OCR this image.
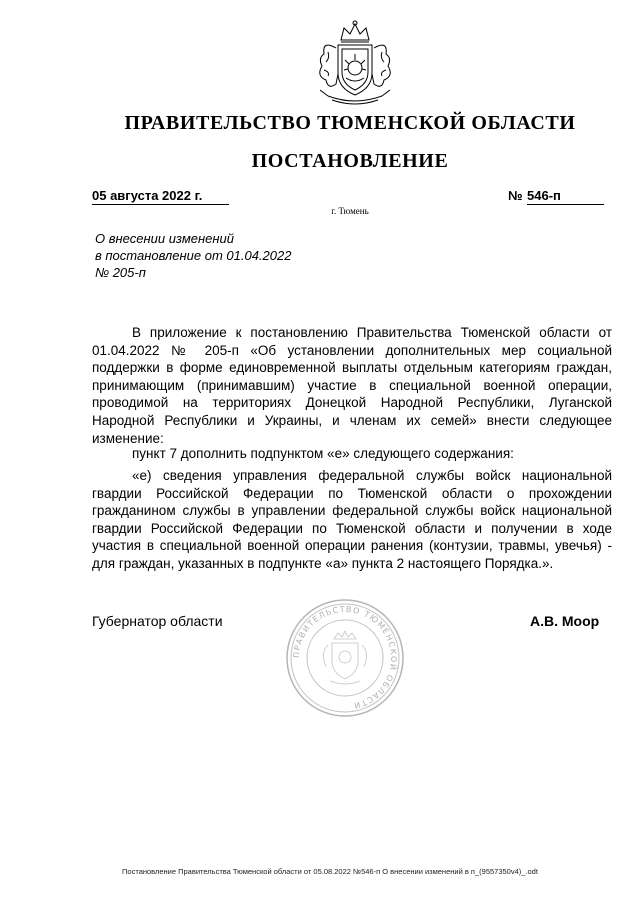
ПРАВИТЕЛЬСТВО ТЮМЕНСКОЙ ОБЛАСТИ
ПОСТАНОВЛЕНИЕ
05 августа 2022 г.	№ 546-п
г. Тюмень
О внесении изменений
в постановление от 01.04.2022
№ 205-п
В приложение к постановлению Правительства Тюменской области от 01.04.2022 № 205-п «Об установлении дополнительных мер социальной поддержки в форме единовременной выплаты отдельным категориям граждан, принимающим (принимавшим) участие в специальной военной операции, проводимой на территориях Донецкой Народной Республики, Луганской Народной Республики и Украины, и членам их семей» внести следующее изменение:
пункт 7 дополнить подпунктом «е» следующего содержания:
«е) сведения управления федеральной службы войск национальной гвардии Российской Федерации по Тюменской области о прохождении гражданином службы в управлении федеральной службы войск национальной гвардии Российской Федерации по Тюменской области и получении в ходе участия в специальной военной операции ранения (контузии, травмы, увечья) - для граждан, указанных в подпункте «а» пункта 2 настоящего Порядка.».
ПРАВИТЕЛЬСТВО ТЮМЕНСКОЙ ОБЛАСТИ
Губернатор области	А.В. Моор
Постановление Правительства Тюменской области от 05.08.2022 №546-п О внесении изменений в п_(9557350v4)_.odt
